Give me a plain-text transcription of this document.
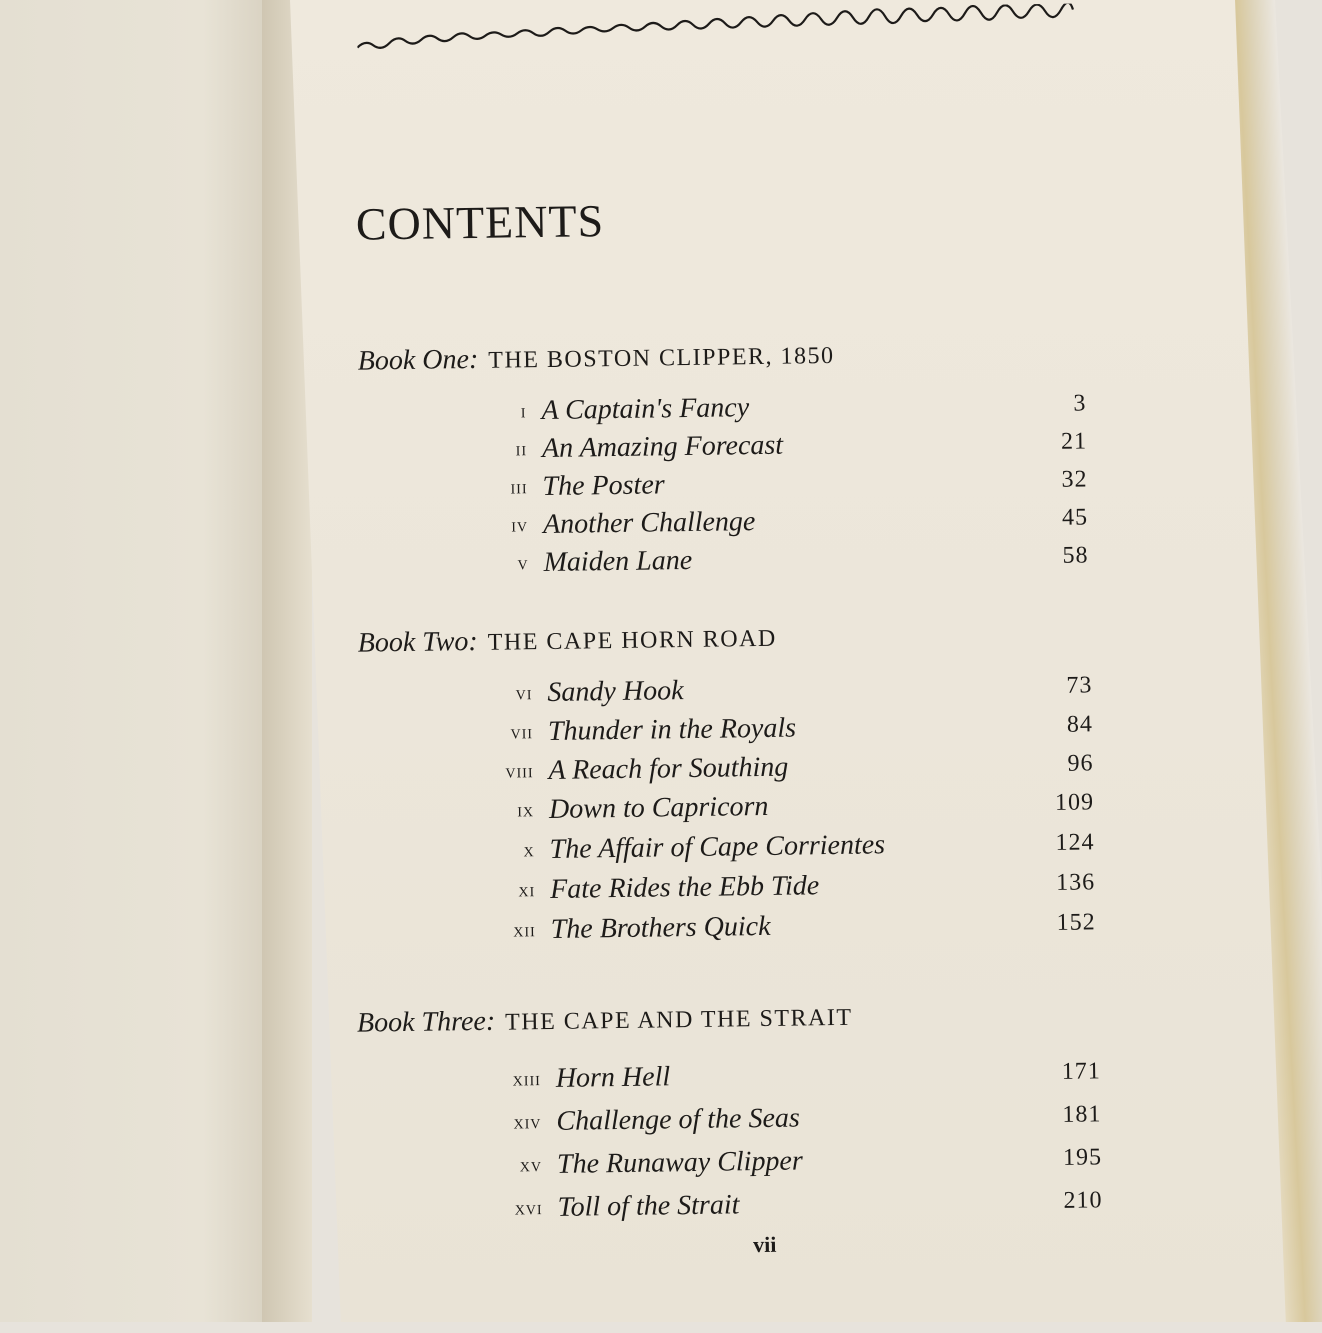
CONTENTS
Book One: THE BOSTON CLIPPER, 1850
i A Captain's Fancy	3
ii An Amazing Forecast	21
iii The Poster	32
iv Another Challenge	45
v Maiden Lane	58
Book Two: THE CAPE HORN ROAD
vi Sandy Hook	73
vii Thunder in the Royals	84
viii A Reach for Southing	96
ix Down to Capricorn	109
x The Affair of Cape Corrientes	124
xi Fate Rides the Ebb Tide	136
xii The Brothers Quick	152
Book Three: THE CAPE AND THE STRAIT
xiii Horn Hell	171
xiv Challenge of the Seas	181
xv The Runaway Clipper	195
xvi Toll of the Strait	210
vii
